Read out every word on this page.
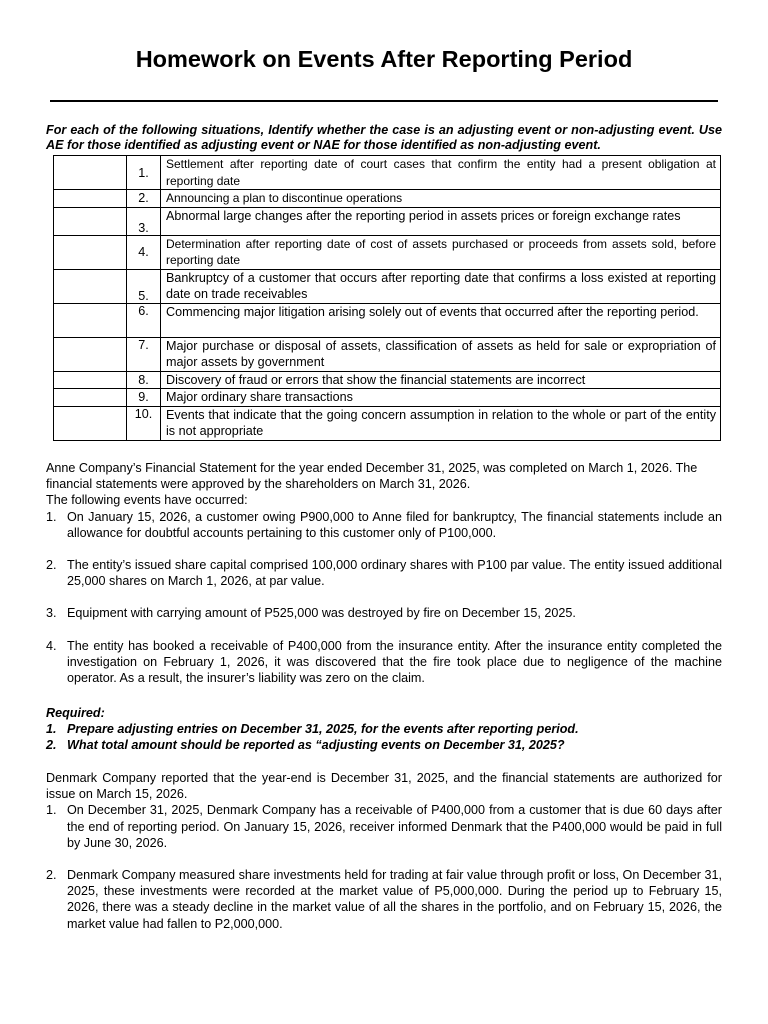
Homework on Events After Reporting Period
For each of the following situations, Identify whether the case is an adjusting event or non-adjusting event. Use AE for those identified as adjusting event or NAE for those identified as non-adjusting event.
	1.	Settlement after reporting date of court cases that confirm the entity had a present obligation at reporting date
	2.	Announcing a plan to discontinue operations
	3.	Abnormal large changes after the reporting period in assets prices or foreign exchange rates
	4.	Determination after reporting date of cost of assets purchased or proceeds from assets sold, before reporting date
	5.	Bankruptcy of a customer that occurs after reporting date that confirms a loss existed at reporting date on trade receivables
	6.	Commencing major litigation arising solely out of events that occurred after the reporting period.
	7.	Major purchase or disposal of assets, classification of assets as held for sale or expropriation of major assets by government
	8.	Discovery of fraud or errors that show the financial statements are incorrect
	9.	Major ordinary share transactions
	10.	Events that indicate that the going concern assumption in relation to the whole or part of the entity is not appropriate

Anne Company’s Financial Statement for the year ended December 31, 2025, was completed on March 1, 2026. The financial statements were approved by the shareholders on March 31, 2026.

The following events have occurred:

1. On January 15, 2026, a customer owing P900,000 to Anne filed for bankruptcy, The financial statements include an allowance for doubtful accounts pertaining to this customer only of P100,000.
2. The entity’s issued share capital comprised 100,000 ordinary shares with P100 par value. The entity issued additional 25,000 shares on March 1, 2026, at par value.
3. Equipment with carrying amount of P525,000 was destroyed by fire on December 15, 2025.
4. The entity has booked a receivable of P400,000 from the insurance entity. After the insurance entity completed the investigation on February 1, 2026, it was discovered that the fire took place due to negligence of the machine operator. As a result, the insurer’s liability was zero on the claim.

Required:

1. Prepare adjusting entries on December 31, 2025, for the events after reporting period.
2. What total amount should be reported as “adjusting events on December 31, 2025?

Denmark Company reported that the year-end is December 31, 2025, and the financial statements are authorized for issue on March 15, 2026.

1. On December 31, 2025, Denmark Company has a receivable of P400,000 from a customer that is due 60 days after the end of reporting period. On January 15, 2026, receiver informed Denmark that the P400,000 would be paid in full by June 30, 2026.
2. Denmark Company measured share investments held for trading at fair value through profit or loss, On December 31, 2025, these investments were recorded at the market value of P5,000,000. During the period up to February 15, 2026, there was a steady decline in the market value of all the shares in the portfolio, and on February 15, 2026, the market value had fallen to P2,000,000.
